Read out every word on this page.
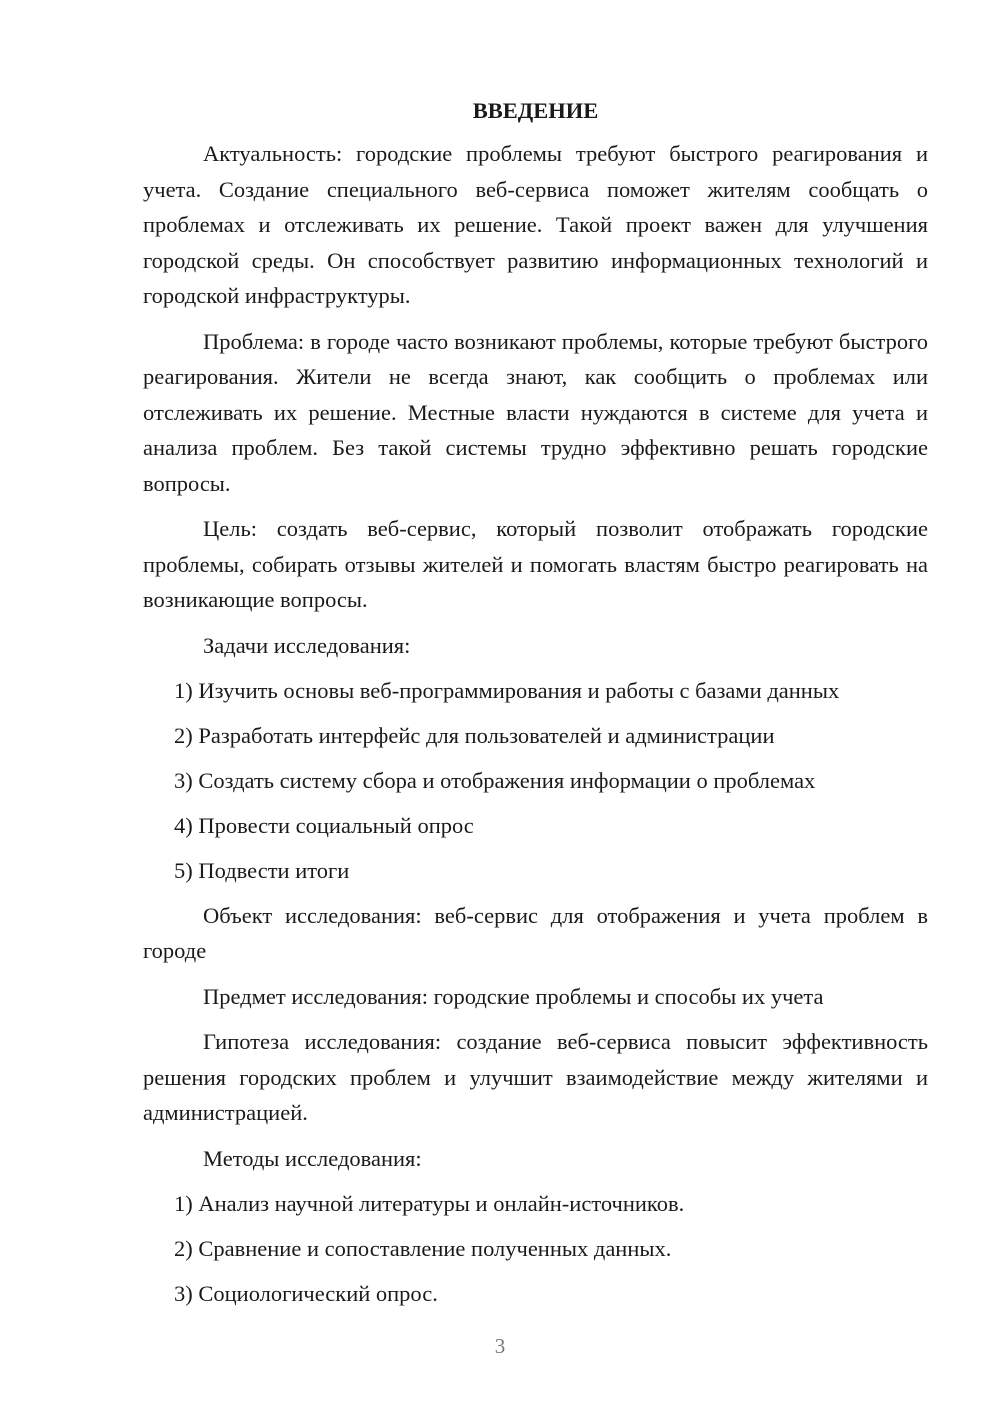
ВВЕДЕНИЕ

Актуальность: городские проблемы требуют быстрого реагирования и учета. Создание специального веб-сервиса поможет жителям сообщать о проблемах и отслеживать их решение. Такой проект важен для улучшения городской среды. Он способствует развитию информационных технологий и городской инфраструктуры.

Проблема: в городе часто возникают проблемы, которые требуют быстрого реагирования. Жители не всегда знают, как сообщить о проблемах или отслеживать их решение. Местные власти нуждаются в системе для учета и анализа проблем. Без такой системы трудно эффективно решать городские вопросы.

Цель: создать веб-сервис, который позволит отображать городские проблемы, собирать отзывы жителей и помогать властям быстро реагировать на возникающие вопросы.

Задачи исследования:
1) Изучить основы веб-программирования и работы с базами данных
2) Разработать интерфейс для пользователей и администрации
3) Создать систему сбора и отображения информации о проблемах
4) Провести социальный опрос
5) Подвести итоги

Объект исследования: веб-сервис для отображения и учета проблем в городе

Предмет исследования: городские проблемы и способы их учета

Гипотеза исследования: создание веб-сервиса повысит эффективность решения городских проблем и улучшит взаимодействие между жителями и администрацией.

Методы исследования:
1) Анализ научной литературы и онлайн-источников.
2) Сравнение и сопоставление полученных данных.
3) Социологический опрос.
3
